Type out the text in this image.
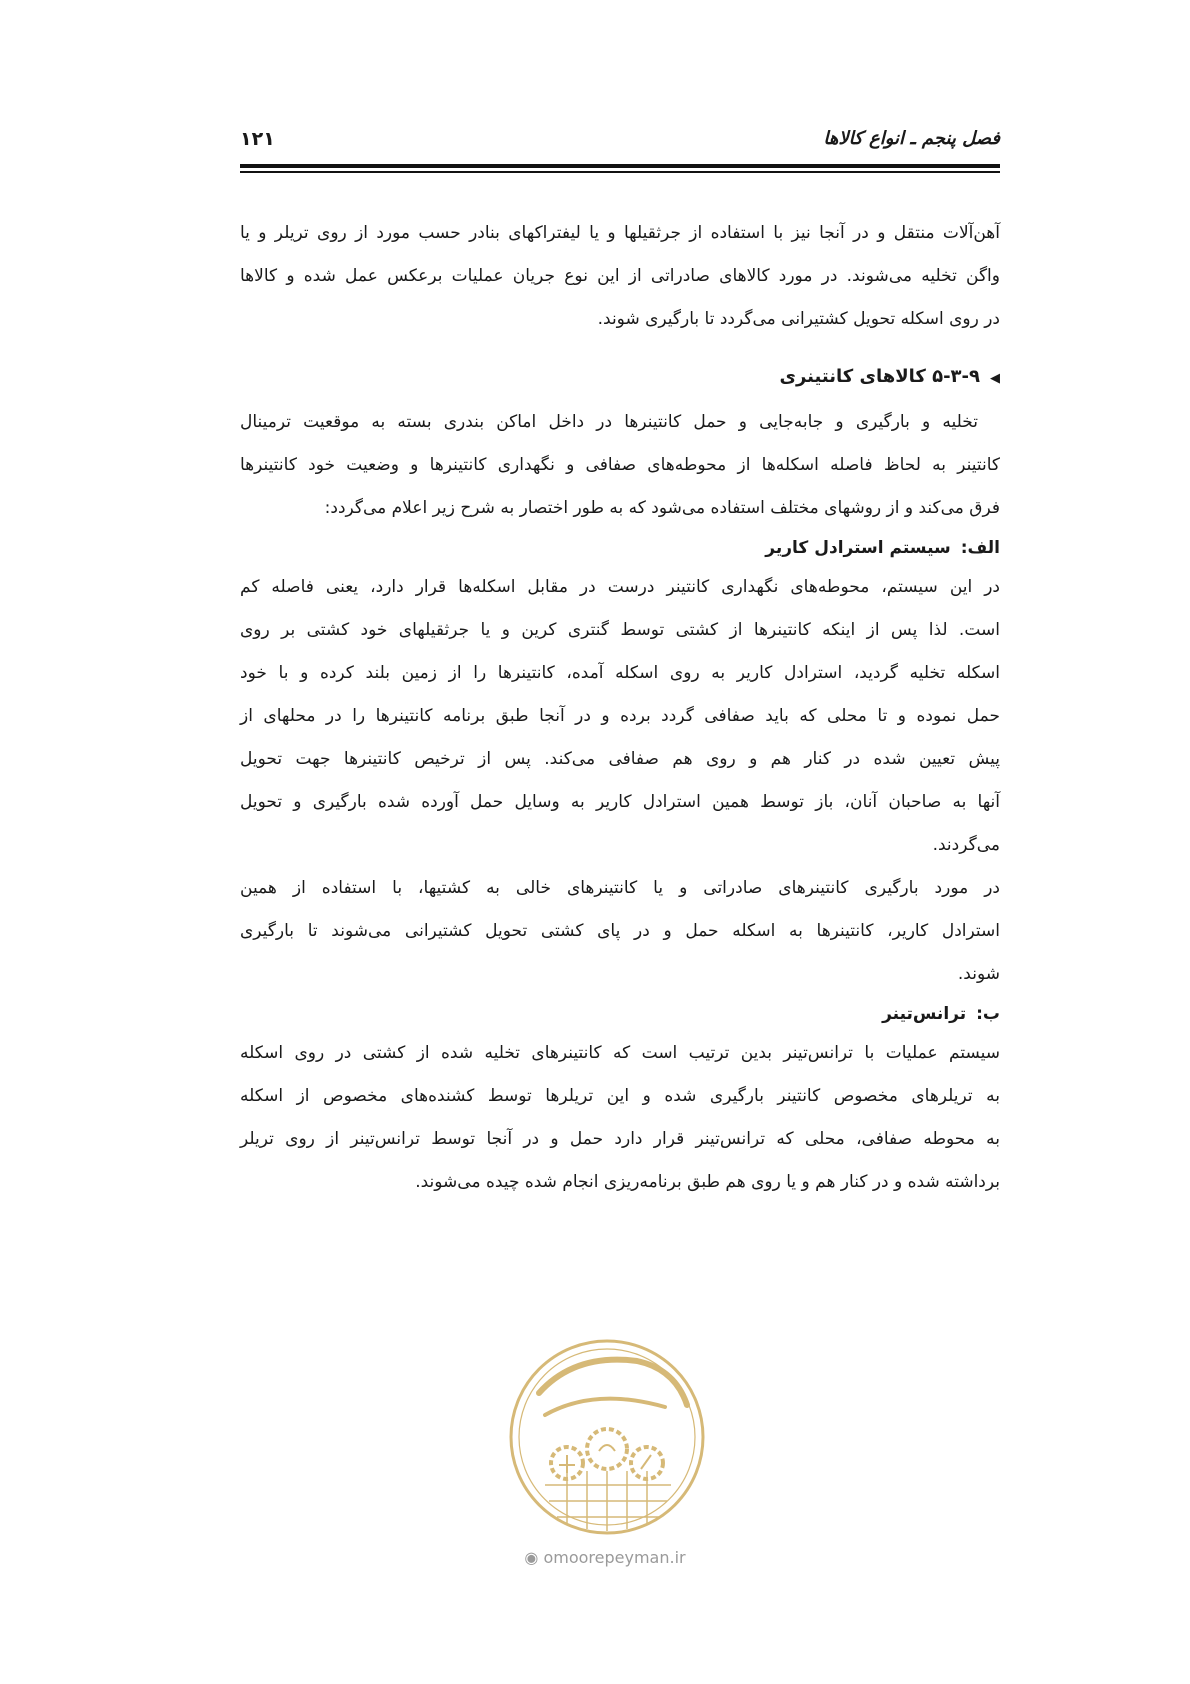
فصل پنجم ـ انواع کالاها
۱۲۱

آهن‌آلات منتقل و در آنجا نیز با استفاده از جرثقیلها و یا لیفتراکهای بنادر حسب مورد از روی تریلر و یا

واگن تخلیه می‌شوند. در مورد کالاهای صادراتی از این نوع جریان عملیات برعکس عمل شده و کالاها

در روی اسکله تحویل کشتیرانی می‌گردد تا بارگیری شوند.

◀۵-۳-۹ کالاهای کانتینری

تخلیه و بارگیری و جابه‌جایی و حمل کانتینرها در داخل اماکن بندری بسته به موقعیت ترمینال

کانتینر به لحاظ فاصله اسکله‌ها از محوطه‌های صفافی و نگهداری کانتینرها و وضعیت خود کانتینرها

فرق می‌کند و از روشهای مختلف استفاده می‌شود که به طور اختصار به شرح زیر اعلام می‌گردد:

الف:سیستم استرادل کاریر

در این سیستم، محوطه‌های نگهداری کانتینر درست در مقابل اسکله‌ها قرار دارد، یعنی فاصله کم

است. لذا پس از اینکه کانتینرها از کشتی توسط گنتری کرین و یا جرثقیلهای خود کشتی بر روی

اسکله تخلیه گردید، استرادل کاریر به روی اسکله آمده، کانتینرها را از زمین بلند کرده و با خود

حمل نموده و تا محلی که باید صفافی گردد برده و در آنجا طبق برنامه کانتینرها را در محلهای از

پیش تعیین شده در کنار هم و روی هم صفافی می‌کند. پس از ترخیص کانتینرها جهت تحویل

آنها به صاحبان آنان، باز توسط همین استرادل کاریر به وسایل حمل آورده شده بارگیری و تحویل

می‌گردند.

در مورد بارگیری کانتینرهای صادراتی و یا کانتینرهای خالی به کشتیها، با استفاده از همین

استرادل کاریر، کانتینرها به اسکله حمل و در پای کشتی تحویل کشتیرانی می‌شوند تا بارگیری

شوند.

ب:ترانس‌تینر

سیستم عملیات با ترانس‌تینر بدین ترتیب است که کانتینرهای تخلیه شده از کشتی در روی اسکله

به تریلرهای مخصوص کانتینر بارگیری شده و این تریلرها توسط کشنده‌های مخصوص از اسکله

به محوطه صفافی، محلی که ترانس‌تینر قرار دارد حمل و در آنجا توسط ترانس‌تینر از روی تریلر

برداشته شده و در کنار هم و یا روی هم طبق برنامه‌ریزی انجام شده چیده می‌شوند.

◉ omoorepeyman.ir
